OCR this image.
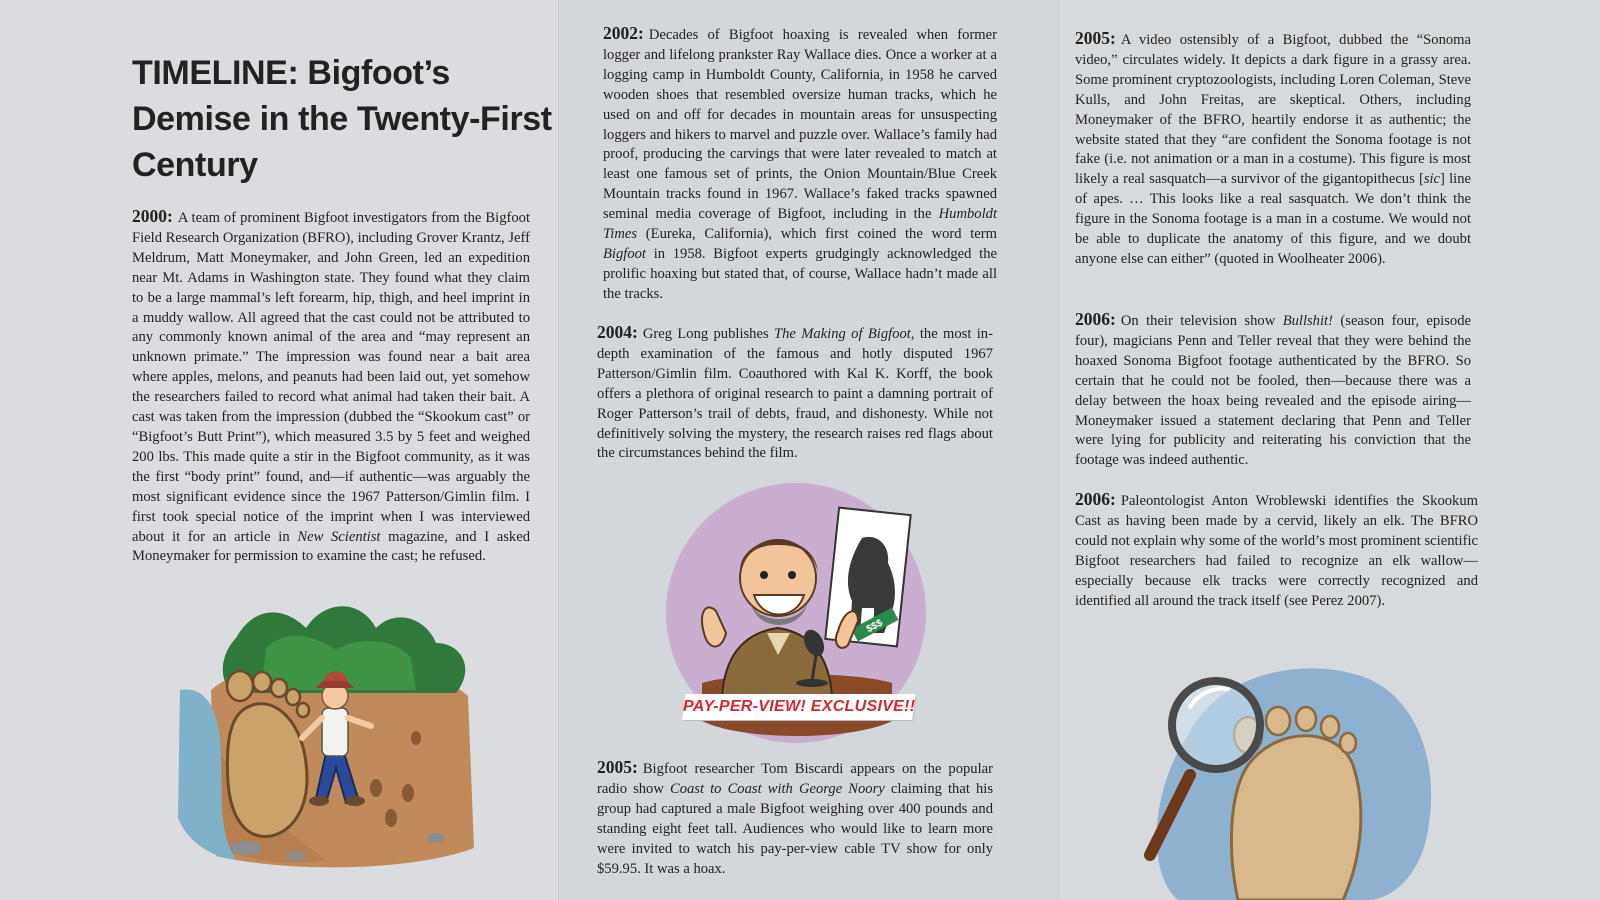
TIMELINE: Bigfoot’s Demise in the Twenty-First Century

2000: A team of prominent Bigfoot investigators from the Bigfoot Field Research Organization (BFRO), including Grover Krantz, Jeff Meldrum, Matt Moneymaker, and John Green, led an expedition near Mt. Adams in Washington state. They found what they claim to be a large mammal’s left forearm, hip, thigh, and heel imprint in a muddy wallow. All agreed that the cast could not be attributed to any commonly known animal of the area and “may represent an unknown primate.” The impression was found near a bait area where apples, melons, and peanuts had been laid out, yet somehow the researchers failed to record what animal had taken their bait. A cast was taken from the impression (dubbed the “Skookum cast” or “Bigfoot’s Butt Print”), which measured 3.5 by 5 feet and weighed 200 lbs. This made quite a stir in the Bigfoot community, as it was the first “body print” found, and—if authentic—was arguably the most significant evidence since the 1967 Patterson/Gimlin film. I first took special notice of the imprint when I was interviewed about it for an article in New Scientist magazine, and I asked Moneymaker for permission to examine the cast; he refused.

2002: Decades of Bigfoot hoaxing is revealed when former logger and lifelong prankster Ray Wallace dies. Once a worker at a logging camp in Humboldt County, California, in 1958 he carved wooden shoes that resembled oversize human tracks, which he used on and off for decades in mountain areas for unsuspecting loggers and hikers to marvel and puzzle over. Wallace’s family had proof, producing the carvings that were later revealed to match at least one famous set of prints, the Onion Mountain/Blue Creek Mountain tracks found in 1967. Wallace’s faked tracks spawned seminal media coverage of Bigfoot, including in the Humboldt Times (Eureka, California), which first coined the word term Bigfoot in 1958. Bigfoot experts grudgingly acknowledged the prolific hoaxing but stated that, of course, Wallace hadn’t made all the tracks.

2004: Greg Long publishes The Making of Bigfoot, the most in-depth examination of the famous and hotly disputed 1967 Patterson/Gimlin film. Coauthored with Kal K. Korff, the book offers a plethora of original research to paint a damning portrait of Roger Patterson’s trail of debts, fraud, and dishonesty. While not definitively solving the mystery, the research raises red flags about the circumstances behind the film.

2005: Bigfoot researcher Tom Biscardi appears on the popular radio show Coast to Coast with George Noory claiming that his group had captured a male Bigfoot weighing over 400 pounds and standing eight feet tall. Audiences who would like to learn more were invited to watch his pay-per-view cable TV show for only $59.95. It was a hoax.

2005: A video ostensibly of a Bigfoot, dubbed the “Sonoma video,” circulates widely. It depicts a dark figure in a grassy area. Some prominent cryptozoologists, including Loren Coleman, Steve Kulls, and John Freitas, are skeptical. Others, including Moneymaker of the BFRO, heartily endorse it as authentic; the website stated that they “are confident the Sonoma footage is not fake (i.e. not animation or a man in a costume). This figure is most likely a real sasquatch—a survivor of the gigantopithecus [sic] line of apes. … This looks like a real sasquatch. We don’t think the figure in the Sonoma footage is a man in a costume. We would not be able to duplicate the anatomy of this figure, and we doubt anyone else can either” (quoted in Woolheater 2006).

2006: On their television show Bullshit! (season four, episode four), magicians Penn and Teller reveal that they were behind the hoaxed Sonoma Bigfoot footage authenticated by the BFRO. So certain that he could not be fooled, then—because there was a delay between the hoax being revealed and the episode airing—Moneymaker issued a statement declaring that Penn and Teller were lying for publicity and reiterating his conviction that the footage was indeed authentic.

2006: Paleontologist Anton Wroblewski identifies the Skookum Cast as having been made by a cervid, likely an elk. The BFRO could not explain why some of the world’s most prominent scientific Bigfoot researchers had failed to recognize an elk wallow—especially because elk tracks were correctly recognized and identified all around the track itself (see Perez 2007).

$$$
PAY-PER-VIEW! EXCLUSIVE!!
